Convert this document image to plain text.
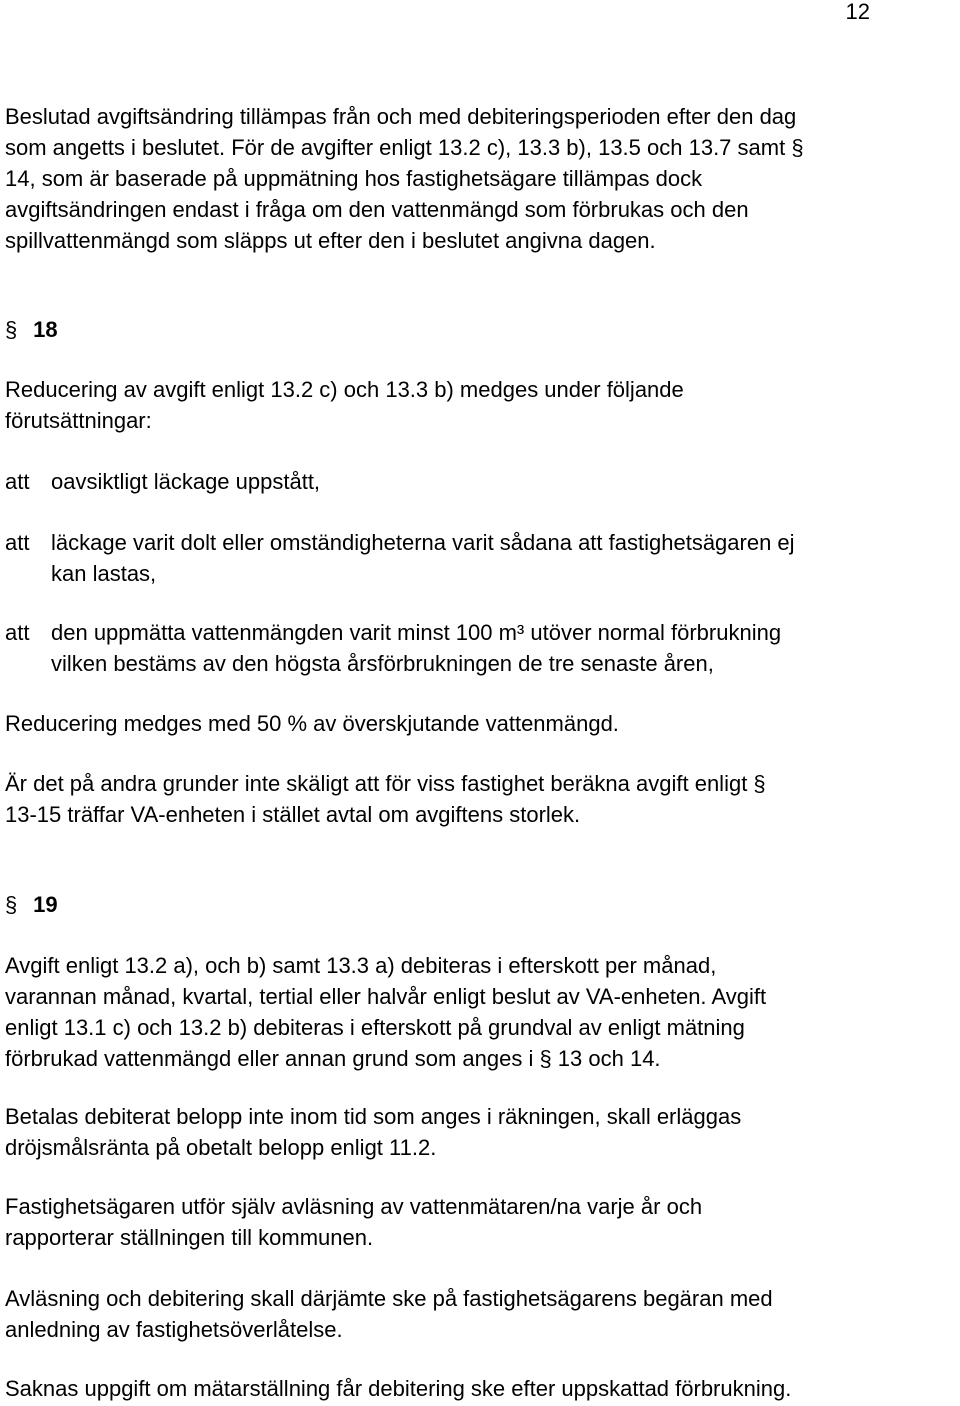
12
Beslutad avgiftsändring tillämpas från och med debiteringsperioden efter den dag
som angetts i beslutet. För de avgifter enligt 13.2 c), 13.3 b), 13.5 och 13.7 samt §
14, som är baserade på uppmätning hos fastighetsägare tillämpas dock
avgiftsändringen endast i fråga om den vattenmängd som förbrukas och den
spillvattenmängd som släpps ut efter den i beslutet angivna dagen.
§ 18
Reducering av avgift enligt 13.2 c) och 13.3 b) medges under följande
förutsättningar:
att oavsiktligt läckage uppstått,
att läckage varit dolt eller omständigheterna varit sådana att fastighetsägaren ej
kan lastas,
att den uppmätta vattenmängden varit minst 100 m³ utöver normal förbrukning
vilken bestäms av den högsta årsförbrukningen de tre senaste åren,
Reducering medges med 50 % av överskjutande vattenmängd.
Är det på andra grunder inte skäligt att för viss fastighet beräkna avgift enligt §
13-15 träffar VA-enheten i stället avtal om avgiftens storlek.
§ 19
Avgift enligt 13.2 a), och b) samt 13.3 a) debiteras i efterskott per månad,
varannan månad, kvartal, tertial eller halvår enligt beslut av VA-enheten. Avgift
enligt 13.1 c) och 13.2 b) debiteras i efterskott på grundval av enligt mätning
förbrukad vattenmängd eller annan grund som anges i § 13 och 14.
Betalas debiterat belopp inte inom tid som anges i räkningen, skall erläggas
dröjsmålsränta på obetalt belopp enligt 11.2.
Fastighetsägaren utför själv avläsning av vattenmätaren/na varje år och
rapporterar ställningen till kommunen.
Avläsning och debitering skall därjämte ske på fastighetsägarens begäran med
anledning av fastighetsöverlåtelse.
Saknas uppgift om mätarställning får debitering ske efter uppskattad förbrukning.
